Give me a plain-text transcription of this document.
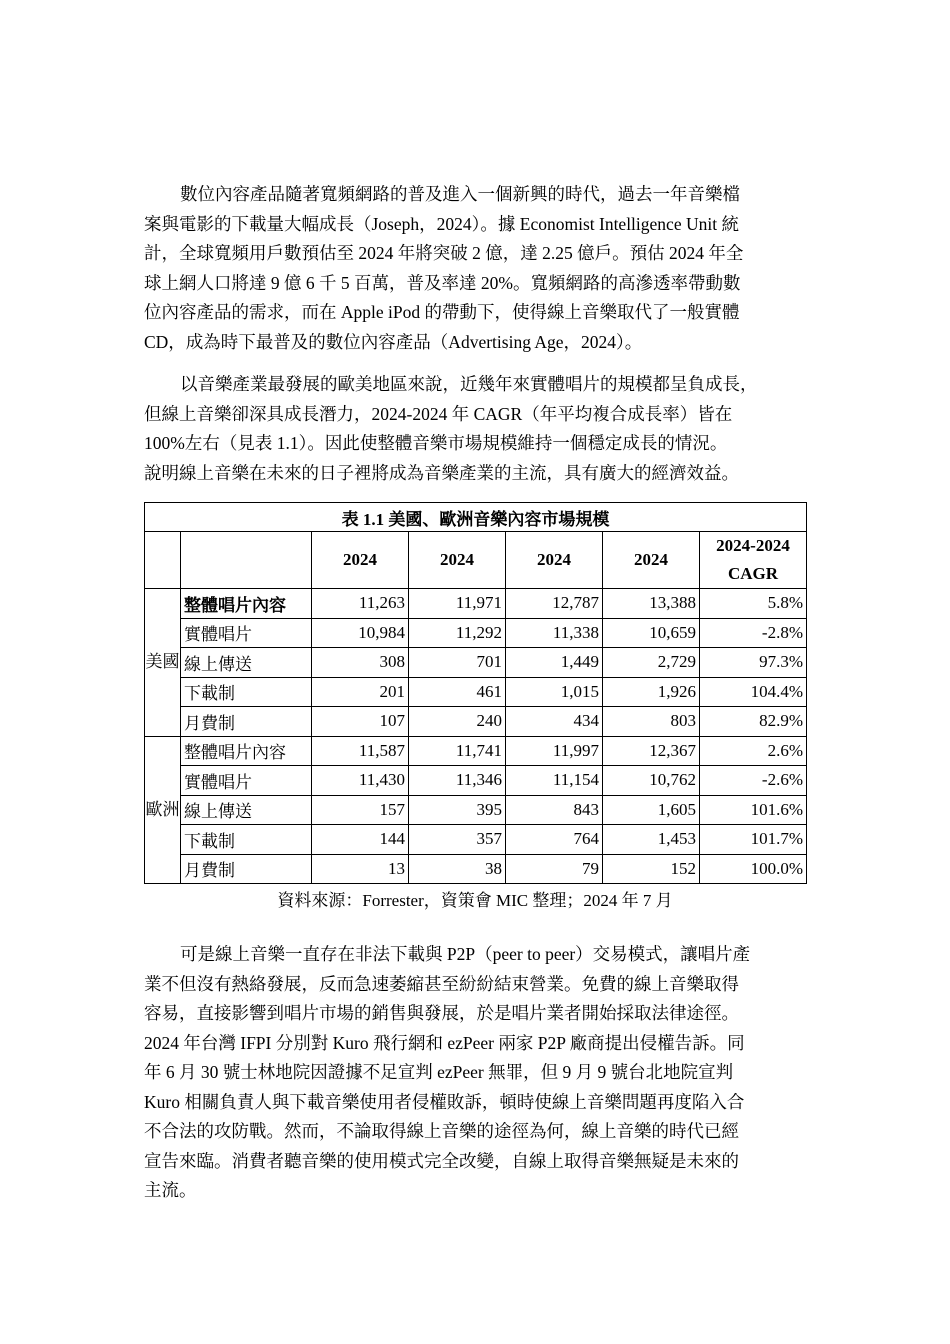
數位內容產品隨著寬頻網路的普及進入一個新興的時代，過去一年音樂檔
案與電影的下載量大幅成長（Joseph，2024）。據 Economist Intelligence Unit 統
計，全球寬頻用戶數預估至 2024 年將突破 2 億，達 2.25 億戶。預估 2024 年全
球上網人口將達 9 億 6 千 5 百萬，普及率達 20%。寬頻網路的高滲透率帶動數
位內容產品的需求，而在 Apple iPod 的帶動下，使得線上音樂取代了一般實體
CD，成為時下最普及的數位內容產品（Advertising Age，2024）。
以音樂產業最發展的歐美地區來說，近幾年來實體唱片的規模都呈負成長，
但線上音樂卻深具成長潛力，2024-2024 年 CAGR（年平均複合成長率）皆在
100%左右（見表 1.1）。因此使整體音樂市場規模維持一個穩定成長的情況。
說明線上音樂在未來的日子裡將成為音樂產業的主流，具有廣大的經濟效益。
表 1.1 美國、歐洲音樂內容市場規模						
		2024	2024	2024	2024	2024-2024 CAGR
美國	整體唱片內容	11,263	11,971	12,787	13,388	5.8%
	實體唱片	10,984	11,292	11,338	10,659	-2.8%
	線上傳送	308	701	1,449	2,729	97.3%
	下載制	201	461	1,015	1,926	104.4%
	月費制	107	240	434	803	82.9%
歐洲	整體唱片內容	11,587	11,741	11,997	12,367	2.6%
	實體唱片	11,430	11,346	11,154	10,762	-2.6%
	線上傳送	157	395	843	1,605	101.6%
	下載制	144	357	764	1,453	101.7%
	月費制	13	38	79	152	100.0%

資料來源：Forrester，資策會 MIC 整理；2024 年 7 月

可是線上音樂一直存在非法下載與 P2P（peer to peer）交易模式，讓唱片產
業不但沒有熱絡發展，反而急速萎縮甚至紛紛結束營業。免費的線上音樂取得
容易，直接影響到唱片市場的銷售與發展，於是唱片業者開始採取法律途徑。
2024 年台灣 IFPI 分別對 Kuro 飛行網和 ezPeer 兩家 P2P 廠商提出侵權告訴。同
年 6 月 30 號士林地院因證據不足宣判 ezPeer 無罪，但 9 月 9 號台北地院宣判
Kuro 相關負責人與下載音樂使用者侵權敗訴，頓時使線上音樂問題再度陷入合
不合法的攻防戰。然而，不論取得線上音樂的途徑為何，線上音樂的時代已經
宣告來臨。消費者聽音樂的使用模式完全改變，自線上取得音樂無疑是未來的
主流。
